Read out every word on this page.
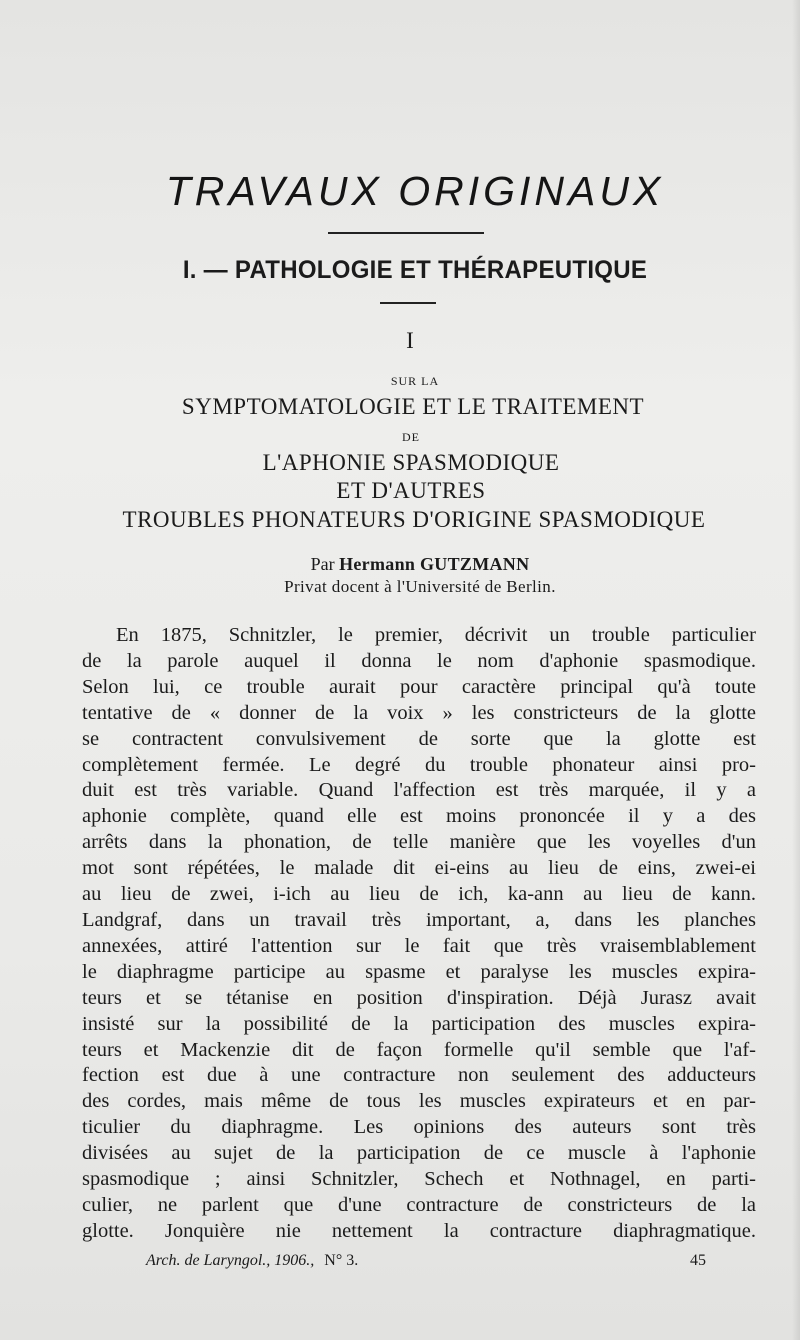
TRAVAUX ORIGINAUX
I. — PATHOLOGIE ET THÉRAPEUTIQUE
I
SUR LA
SYMPTOMATOLOGIE ET LE TRAITEMENT
DE
L'APHONIE SPASMODIQUE
ET D'AUTRES
TROUBLES PHONATEURS D'ORIGINE SPASMODIQUE
Par Hermann GUTZMANN
Privat docent à l'Université de Berlin.
En 1875, Schnitzler, le premier, décrivit un trouble particulier
de la parole auquel il donna le nom d'aphonie spasmodique.
Selon lui, ce trouble aurait pour caractère principal qu'à toute
tentative de « donner de la voix » les constricteurs de la glotte
se contractent convulsivement de sorte que la glotte est
complètement fermée. Le degré du trouble phonateur ainsi pro-
duit est très variable. Quand l'affection est très marquée, il y a
aphonie complète, quand elle est moins prononcée il y a des
arrêts dans la phonation, de telle manière que les voyelles d'un
mot sont répétées, le malade dit ei-eins au lieu de eins, zwei-ei
au lieu de zwei, i-ich au lieu de ich, ka-ann au lieu de kann.
Landgraf, dans un travail très important, a, dans les planches
annexées, attiré l'attention sur le fait que très vraisemblablement
le diaphragme participe au spasme et paralyse les muscles expira-
teurs et se tétanise en position d'inspiration. Déjà Jurasz avait
insisté sur la possibilité de la participation des muscles expira-
teurs et Mackenzie dit de façon formelle qu'il semble que l'af-
fection est due à une contracture non seulement des adducteurs
des cordes, mais même de tous les muscles expirateurs et en par-
ticulier du diaphragme. Les opinions des auteurs sont très
divisées au sujet de la participation de ce muscle à l'aphonie
spasmodique ; ainsi Schnitzler, Schech et Nothnagel, en parti-
culier, ne parlent que d'une contracture de constricteurs de la
glotte. Jonquière nie nettement la contracture diaphragmatique.
Arch. de Laryngol., 1906., N° 3.	45
